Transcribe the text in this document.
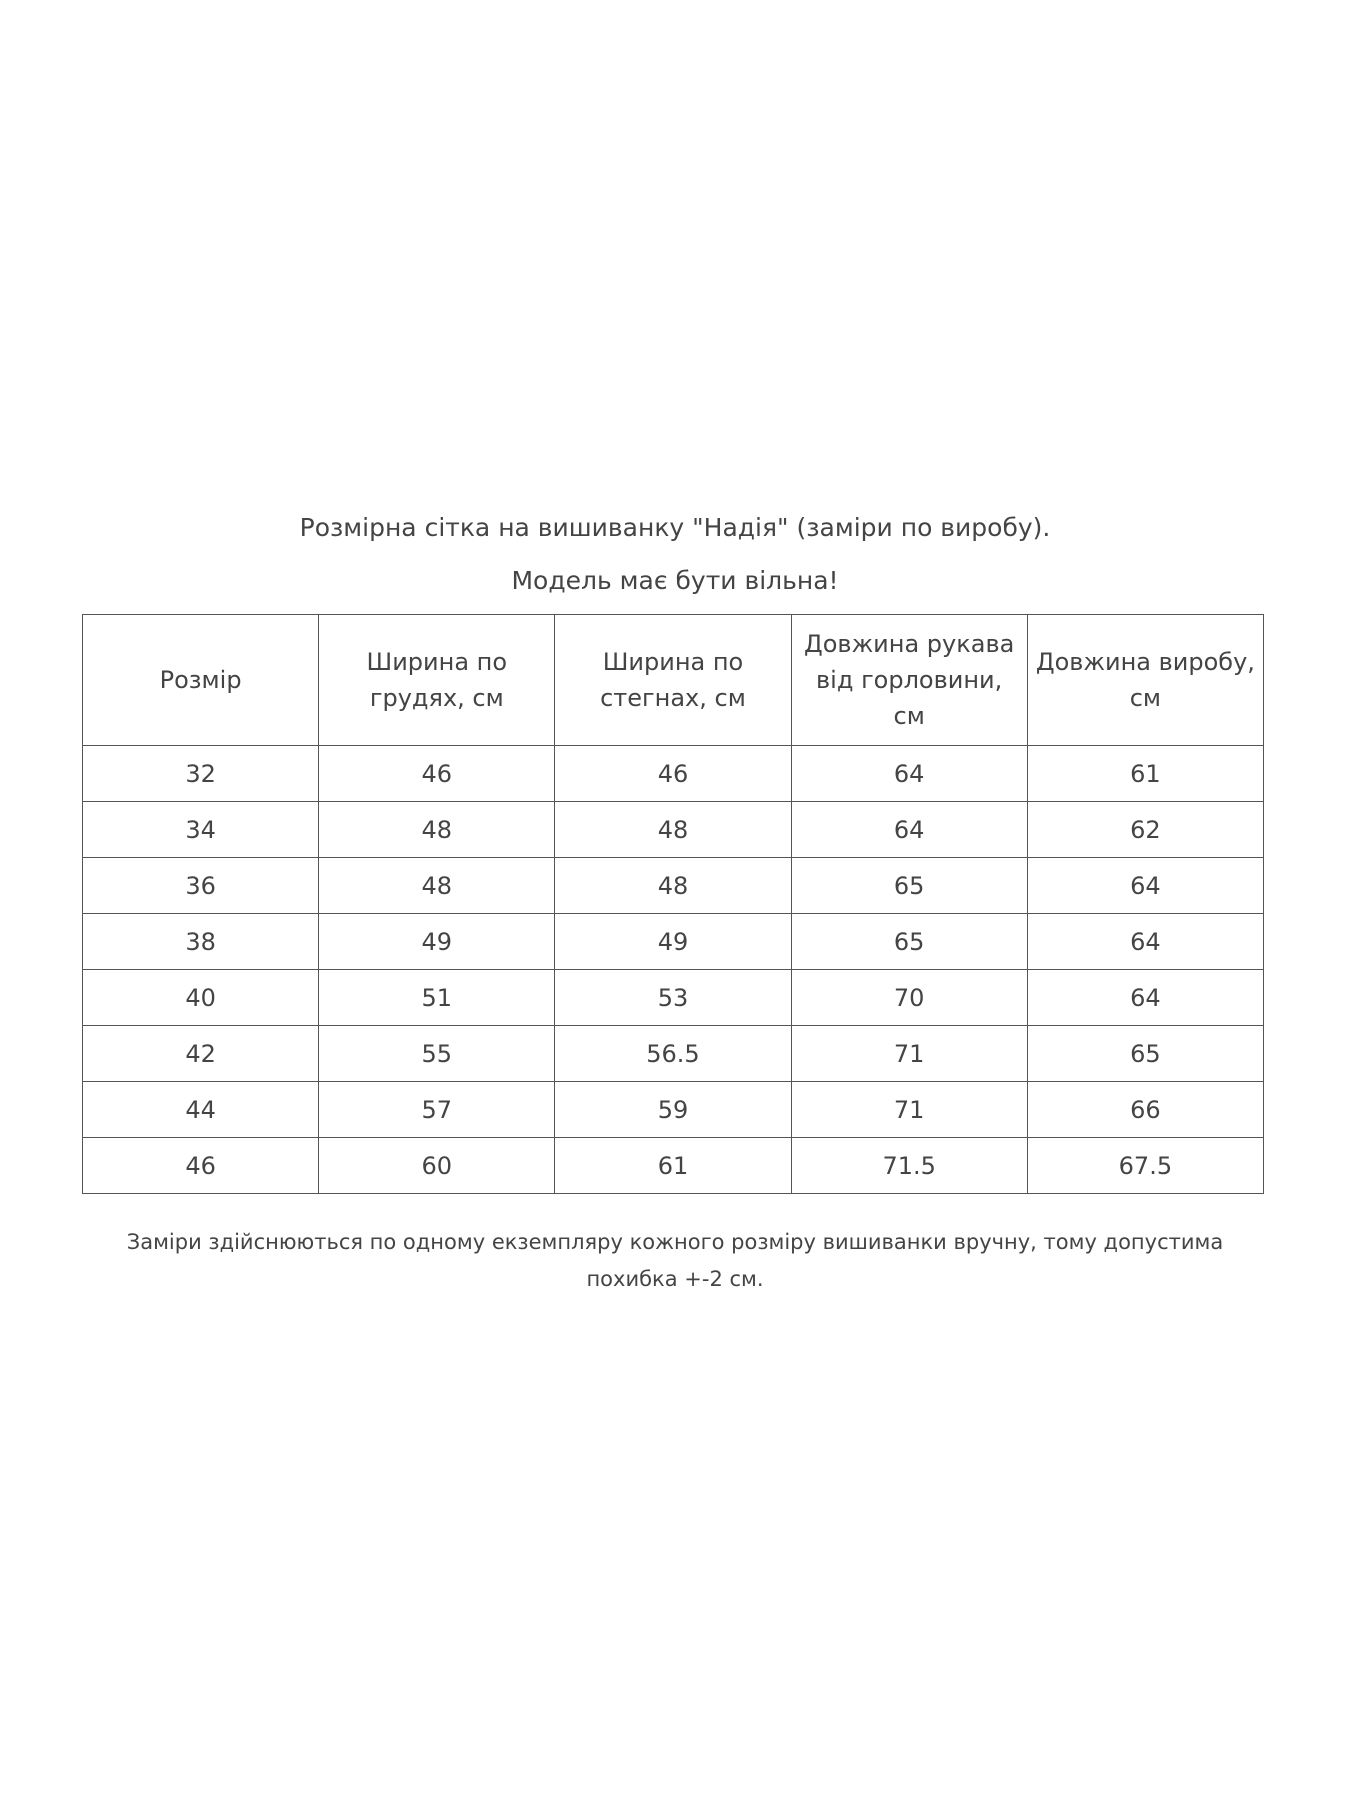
Розмірна сітка на вишиванку "Надія" (заміри по виробу).
Модель має бути вільна!
Розмір	Ширина по грудях, см	Ширина по стегнах, см	Довжина рукава від горловини, см	Довжина виробу, см
32	46	46	64	61
34	48	48	64	62
36	48	48	65	64
38	49	49	65	64
40	51	53	70	64
42	55	56.5	71	65
44	57	59	71	66
46	60	61	71.5	67.5
Заміри здійснюються по одному екземпляру кожного розміру вишиванки вручну, тому допустима
похибка +-2 см.
